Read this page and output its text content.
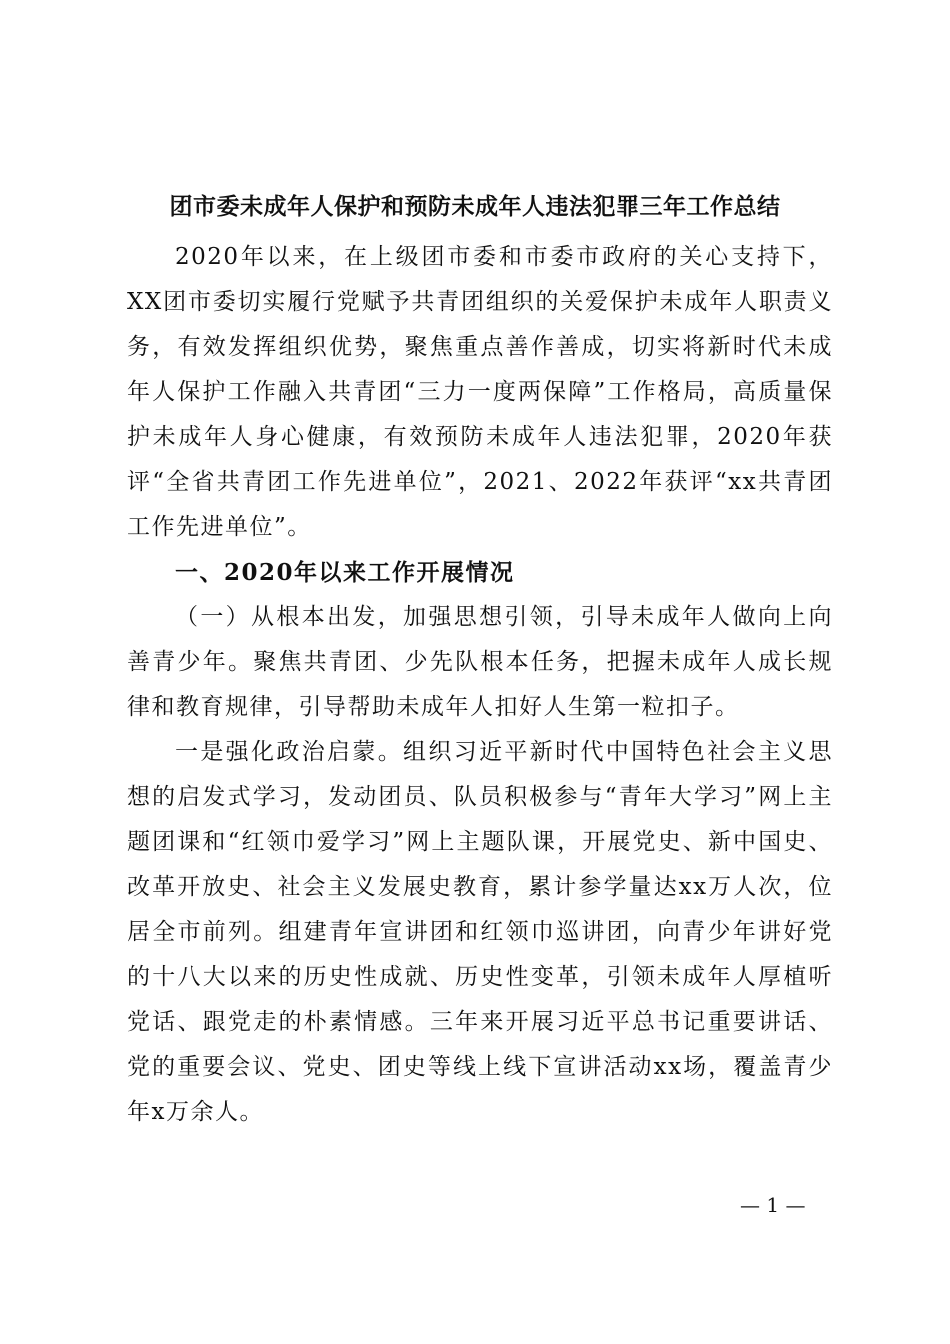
团市委未成年人保护和预防未成年人违法犯罪三年工作总结

2020年以来，在上级团市委和市委市政府的关心支持下，XX团市委切实履行党赋予共青团组织的关爱保护未成年人职责义务，有效发挥组织优势，聚焦重点善作善成，切实将新时代未成年人保护工作融入共青团“三力一度两保障”工作格局，高质量保护未成年人身心健康，有效预防未成年人违法犯罪，2020年获评“全省共青团工作先进单位”，2021、2022年获评“xx共青团工作先进单位”。

一、2020年以来工作开展情况

（一）从根本出发，加强思想引领，引导未成年人做向上向善青少年。聚焦共青团、少先队根本任务，把握未成年人成长规律和教育规律，引导帮助未成年人扣好人生第一粒扣子。

一是强化政治启蒙。组织习近平新时代中国特色社会主义思想的启发式学习，发动团员、队员积极参与“青年大学习”网上主题团课和“红领巾爱学习”网上主题队课，开展党史、新中国史、改革开放史、社会主义发展史教育，累计参学量达xx万人次，位居全市前列。组建青年宣讲团和红领巾巡讲团，向青少年讲好党的十八大以来的历史性成就、历史性变革，引领未成年人厚植听党话、跟党走的朴素情感。三年来开展习近平总书记重要讲话、党的重要会议、党史、团史等线上线下宣讲活动xx场，覆盖青少年x万余人。

— 1 —
